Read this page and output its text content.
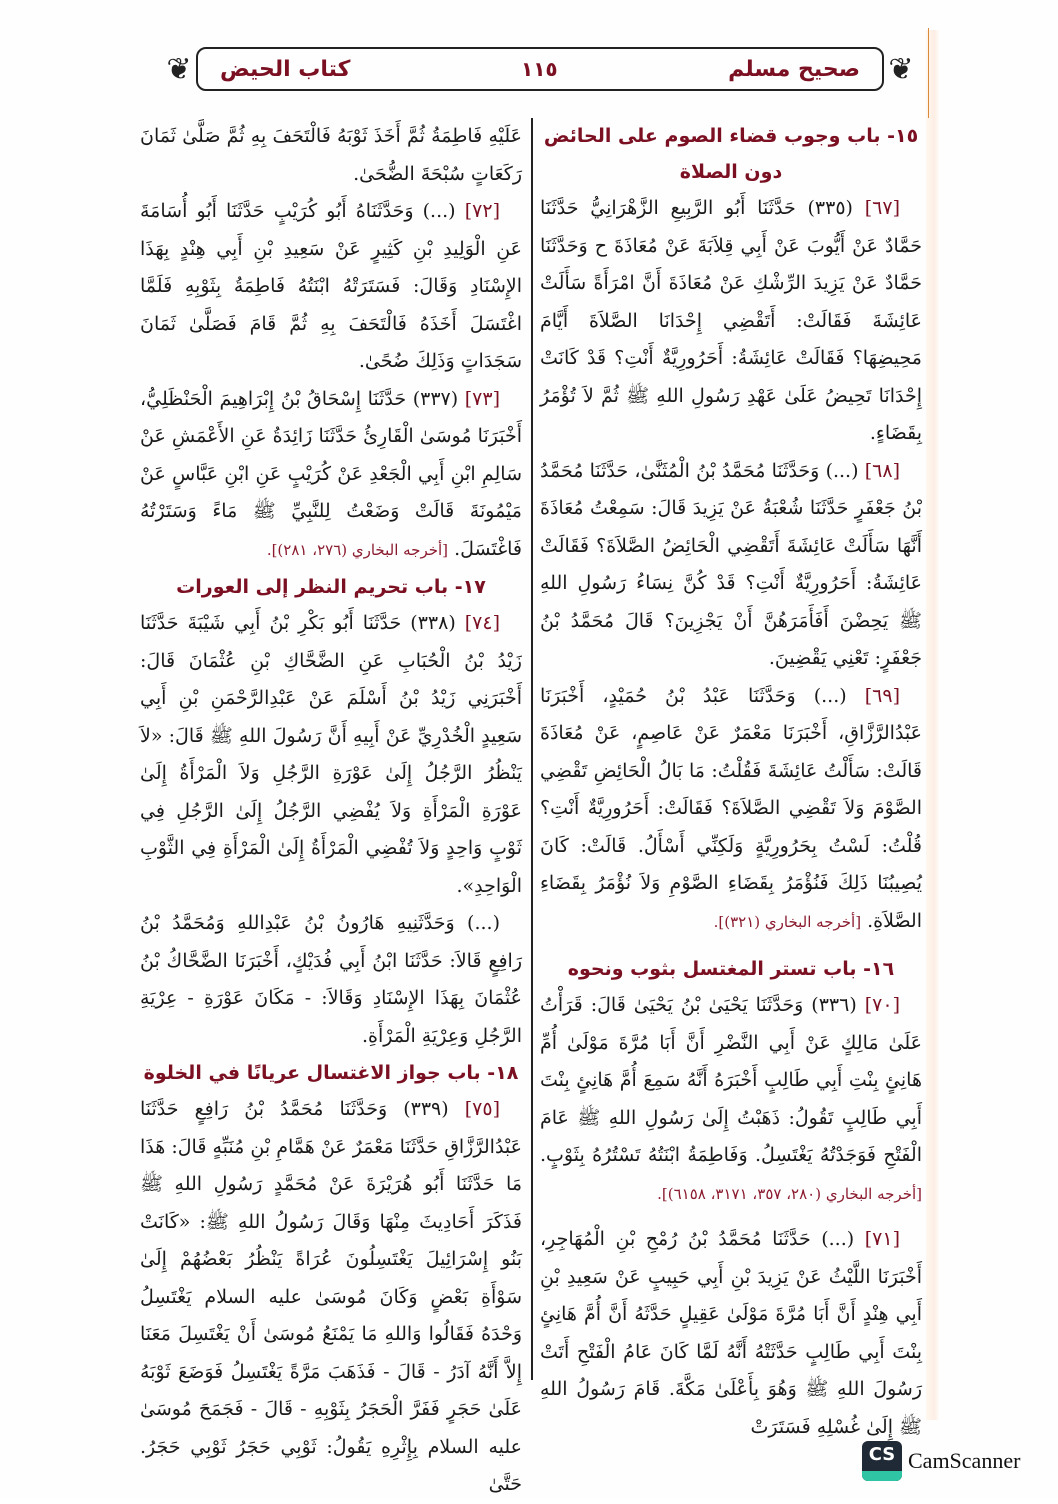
❦	❦
صحيح مسلم
١١٥
كتاب الحيض
١٥- باب وجوب قضاء الصوم على الحائض دون الصلاة

[٦٧] (٣٣٥) حَدَّثَنَا أَبُو الرَّبِيعِ الزَّهْرَانِيُّ حَدَّثَنَا حَمَّادٌ عَنْ أَيُّوبَ عَنْ أَبِي قِلاَبَةَ عَنْ مُعَاذَةَ ح وَحَدَّثَنَا حَمَّادٌ عَنْ يَزِيدَ الرِّشْكِ عَنْ مُعَاذَةَ أَنَّ امْرَأَةً سَأَلَتْ عَائِشَةَ فَقَالَتْ: أَتَقْضِي إِحْدَانَا الصَّلاَةَ أَيَّامَ مَحِيضِهَا؟ فَقَالَتْ عَائِشَةُ: أَحَرُورِيَّةٌ أَنْتِ؟ قَدْ كَانَتْ إِحْدَانَا تَحِيضُ عَلَىٰ عَهْدِ رَسُولِ اللهِ ﷺ ثُمَّ لاَ تُؤْمَرُ بِقَضَاءٍ.

[٦٨] (...) وَحَدَّثَنَا مُحَمَّدُ بْنُ الْمُثَنَّىٰ، حَدَّثَنَا مُحَمَّدُ بْنُ جَعْفَرٍ حَدَّثَنَا شُعْبَةُ عَنْ يَزِيدَ قَالَ: سَمِعْتُ مُعَاذَةَ أَنَّهَا سَأَلَتْ عَائِشَةَ أَتَقْضِي الْحَائِضُ الصَّلاَةَ؟ فَقَالَتْ عَائِشَةُ: أَحَرُورِيَّةٌ أَنْتِ؟ قَدْ كُنَّ نِسَاءُ رَسُولِ اللهِ ﷺ يَحِضْنَ أَفَأَمَرَهُنَّ أَنْ يَجْزِينَ؟ قَالَ مُحَمَّدُ بْنُ جَعْفَرٍ: تَعْنِي يَقْضِينَ.

[٦٩] (...) وَحَدَّثَنَا عَبْدُ بْنُ حُمَيْدٍ، أَخْبَرَنَا عَبْدُالرَّزَّاقِ، أَخْبَرَنَا مَعْمَرٌ عَنْ عَاصِمٍ، عَنْ مُعَاذَةَ قَالَتْ: سَأَلْتُ عَائِشَةَ فَقُلْتُ: مَا بَالُ الْحَائِضِ تَقْضِي الصَّوْمَ وَلاَ تَقْضِي الصَّلاَةَ؟ فَقَالَتْ: أَحَرُورِيَّةٌ أَنْتِ؟ قُلْتُ: لَسْتُ بِحَرُورِيَّةٍ وَلَكِنِّي أَسْأَلُ. قَالَتْ: كَانَ يُصِيبُنَا ذَلِكَ فَنُؤْمَرُ بِقَضَاءِ الصَّوْمِ وَلاَ نُؤْمَرُ بِقَضَاءِ الصَّلاَةِ. [أخرجه البخاري (٣٢١)].

١٦- باب تستر المغتسل بثوب ونحوه

[٧٠] (٣٣٦) وَحَدَّثَنَا يَحْيَىٰ بْنُ يَحْيَىٰ قَالَ: قَرَأْتُ عَلَىٰ مَالِكٍ عَنْ أَبِي النَّضْرِ أَنَّ أَبَا مُرَّةَ مَوْلَىٰ أُمِّ هَانِئٍ بِنْتِ أَبِي طَالِبٍ أَخْبَرَهُ أَنَّهُ سَمِعَ أُمَّ هَانِئٍ بِنْتَ أَبِي طَالِبٍ تَقُولُ: ذَهَبْتُ إِلَىٰ رَسُولِ اللهِ ﷺ عَامَ الْفَتْحِ فَوَجَدْتُهُ يَغْتَسِلُ. وَفَاطِمَةُ ابْنَتُهُ تَسْتُرُهُ بِثَوْبٍ. [أخرجه البخاري (٢٨٠، ٣٥٧، ٣١٧١، ٦١٥٨)].

[٧١] (...) حَدَّثَنَا مُحَمَّدُ بْنُ رُمْحِ بْنِ الْمُهَاجِرِ، أَخْبَرَنَا اللَّيْثُ عَنْ يَزِيدَ بْنِ أَبِي حَبِيبٍ عَنْ سَعِيدِ بْنِ أَبِي هِنْدٍ أَنَّ أَبَا مُرَّةَ مَوْلَىٰ عَقِيلٍ حَدَّثَهُ أَنَّ أُمَّ هَانِئٍ بِنْتَ أَبِي طَالِبٍ حَدَّثَتْهُ أَنَّهُ لَمَّا كَانَ عَامُ الْفَتْحِ أَتَتْ رَسُولَ اللهِ ﷺ وَهُوَ بِأَعْلَىٰ مَكَّةَ. قَامَ رَسُولُ اللهِ ﷺ إِلَىٰ غُسْلِهِ فَسَتَرَتْ

عَلَيْهِ فَاطِمَةُ ثُمَّ أَخَذَ ثَوْبَهُ فَالْتَحَفَ بِهِ ثُمَّ صَلَّىٰ ثَمَانَ رَكَعَاتٍ سُبْحَةَ الضُّحَىٰ.

[٧٢] (...) وَحَدَّثَنَاهُ أَبُو كُرَيْبٍ حَدَّثَنَا أَبُو أُسَامَةَ عَنِ الْوَلِيدِ بْنِ كَثِيرٍ عَنْ سَعِيدِ بْنِ أَبِي هِنْدٍ بِهَذَا الإِسْنَادِ وَقَالَ: فَسَتَرَتْهُ ابْنَتُهُ فَاطِمَةُ بِثَوْبِهِ فَلَمَّا اغْتَسَلَ أَخَذَهُ فَالْتَحَفَ بِهِ ثُمَّ قَامَ فَصَلَّىٰ ثَمَانَ سَجَدَاتٍ وَذَلِكَ ضُحًىٰ.

[٧٣] (٣٣٧) حَدَّثَنَا إِسْحَاقُ بْنُ إِبْرَاهِيمَ الْحَنْظَلِيُّ، أَخْبَرَنَا مُوسَىٰ الْقَارِئُ حَدَّثَنَا زَائِدَةُ عَنِ الأَعْمَشِ عَنْ سَالِمِ ابْنِ أَبِي الْجَعْدِ عَنْ كُرَيْبٍ عَنِ ابْنِ عَبَّاسٍ عَنْ مَيْمُونَةَ قَالَتْ وَضَعْتُ لِلنَّبِيِّ ﷺ مَاءً وَسَتَرْتُهُ فَاغْتَسَلَ. [أخرجه البخاري (٢٧٦، ٢٨١)].

١٧- باب تحريم النظر إلى العورات

[٧٤] (٣٣٨) حَدَّثَنَا أَبُو بَكْرِ بْنُ أَبِي شَيْبَةَ حَدَّثَنَا زَيْدُ بْنُ الْحُبَابِ عَنِ الضَّحَّاكِ بْنِ عُثْمَانَ قَالَ: أَخْبَرَنِي زَيْدُ بْنُ أَسْلَمَ عَنْ عَبْدِالرَّحْمَنِ بْنِ أَبِي سَعِيدٍ الْخُدْرِيِّ عَنْ أَبِيهِ أَنَّ رَسُولَ اللهِ ﷺ قَالَ: «لاَ يَنْظُرُ الرَّجُلُ إِلَىٰ عَوْرَةِ الرَّجُلِ وَلاَ الْمَرْأَةُ إِلَىٰ عَوْرَةِ الْمَرْأَةِ وَلاَ يُفْضِي الرَّجُلُ إِلَىٰ الرَّجُلِ فِي ثَوْبٍ وَاحِدٍ وَلاَ تُفْضِي الْمَرْأَةُ إِلَىٰ الْمَرْأَةِ فِي الثَّوْبِ الْوَاحِدِ».

(...) وَحَدَّثَنِيهِ هَارُونُ بْنُ عَبْدِاللهِ وَمُحَمَّدُ بْنُ رَافِعٍ قَالاَ: حَدَّثَنَا ابْنُ أَبِي فُدَيْكٍ، أَخْبَرَنَا الضَّحَّاكُ بْنُ عُثْمَانَ بِهَذَا الإِسْنَادِ وَقَالاَ: - مَكَانَ عَوْرَةِ - عِرْيَةِ الرَّجُلِ وَعِرْيَةِ الْمَرْأَةِ.

١٨- باب جواز الاغتسال عريانًا في الخلوة

[٧٥] (٣٣٩) وَحَدَّثَنَا مُحَمَّدُ بْنُ رَافِعٍ حَدَّثَنَا عَبْدُالرَّزَّاقِ حَدَّثَنَا مَعْمَرٌ عَنْ هَمَّامِ بْنِ مُنَبِّهٍ قَالَ: هَذَا مَا حَدَّثَنَا أَبُو هُرَيْرَةَ عَنْ مُحَمَّدٍ رَسُولِ اللهِ ﷺ فَذَكَرَ أَحَادِيثَ مِنْهَا وَقَالَ رَسُولُ اللهِ ﷺ: «كَانَتْ بَنُو إِسْرَائِيلَ يَغْتَسِلُونَ عُرَاةً يَنْظُرُ بَعْضُهُمْ إِلَىٰ سَوْأَةِ بَعْضٍ وَكَانَ مُوسَىٰ عليه السلام يَغْتَسِلُ وَحْدَهُ فَقَالُوا وَاللهِ مَا يَمْنَعُ مُوسَىٰ أَنْ يَغْتَسِلَ مَعَنَا إِلاَّ أَنَّهُ آدَرُ - قَالَ - فَذَهَبَ مَرَّةً يَغْتَسِلُ فَوَضَعَ ثَوْبَهُ عَلَىٰ حَجَرٍ فَفَرَّ الْحَجَرُ بِثَوْبِهِ - قَالَ - فَجَمَحَ مُوسَىٰ عليه السلام بِإِثْرِهِ يَقُولُ: ثَوْبِي حَجَرُ ثَوْبِي حَجَرُ. حَتَّىٰ

CS CamScanner
